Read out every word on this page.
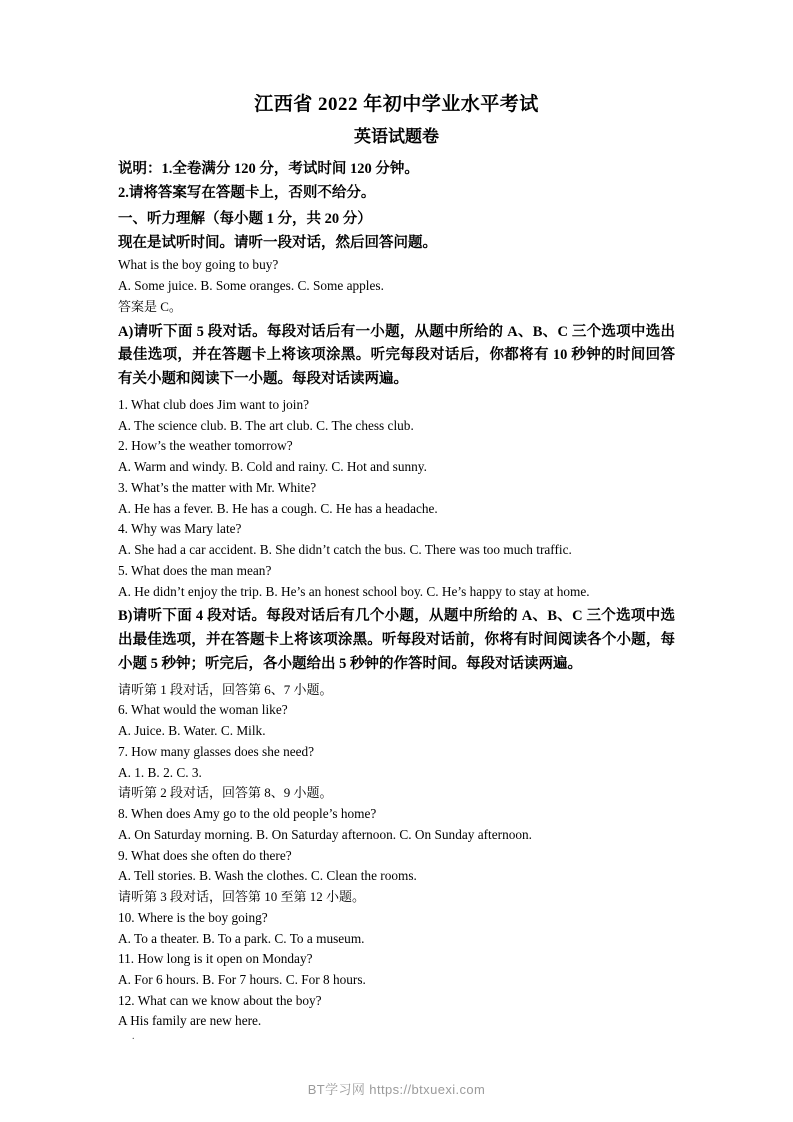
江西省 2022 年初中学业水平考试
英语试题卷

说明：1.全卷满分 120 分，考试时间 120 分钟。

2.请将答案写在答题卡上，否则不给分。

一、听力理解（每小题 1 分，共 20 分）

现在是试听时间。请听一段对话，然后回答问题。

What is the boy going to buy?

A. Some juice. B. Some oranges. C. Some apples.

答案是 C。

A)请听下面 5 段对话。每段对话后有一小题，从题中所给的 A、B、C 三个选项中选出最佳选项，并在答题卡上将该项涂黑。听完每段对话后，你都将有 10 秒钟的时间回答有关小题和阅读下一小题。每段对话读两遍。

1. What club does Jim want to join?

A. The science club. B. The art club. C. The chess club.

2. How’s the weather tomorrow?

A. Warm and windy. B. Cold and rainy. C. Hot and sunny.

3. What’s the matter with Mr. White?

A. He has a fever. B. He has a cough. C. He has a headache.

4. Why was Mary late?

A. She had a car accident. B. She didn’t catch the bus. C. There was too much traffic.

5. What does the man mean?

A. He didn’t enjoy the trip. B. He’s an honest school boy. C. He’s happy to stay at home.

B)请听下面 4 段对话。每段对话后有几个小题，从题中所给的 A、B、C 三个选项中选出最佳选项，并在答题卡上将该项涂黑。听每段对话前，你将有时间阅读各个小题，每小题 5 秒钟；听完后，各小题给出 5 秒钟的作答时间。每段对话读两遍。

请听第 1 段对话，回答第 6、7 小题。

6. What would the woman like?

A. Juice. B. Water. C. Milk.

7. How many glasses does she need?

A. 1. B. 2. C. 3.

请听第 2 段对话，回答第 8、9 小题。

8. When does Amy go to the old people’s home?

A. On Saturday morning. B. On Saturday afternoon. C. On Sunday afternoon.

9. What does she often do there?

A. Tell stories. B. Wash the clothes. C. Clean the rooms.

请听第 3 段对话，回答第 10 至第 12 小题。

10. Where is the boy going?

A. To a theater. B. To a park. C. To a museum.

11. How long is it open on Monday?

A. For 6 hours. B. For 7 hours. C. For 8 hours.

12. What can we know about the boy?

A His family are new here.

.
BT学习网 https://btxuexi.com
